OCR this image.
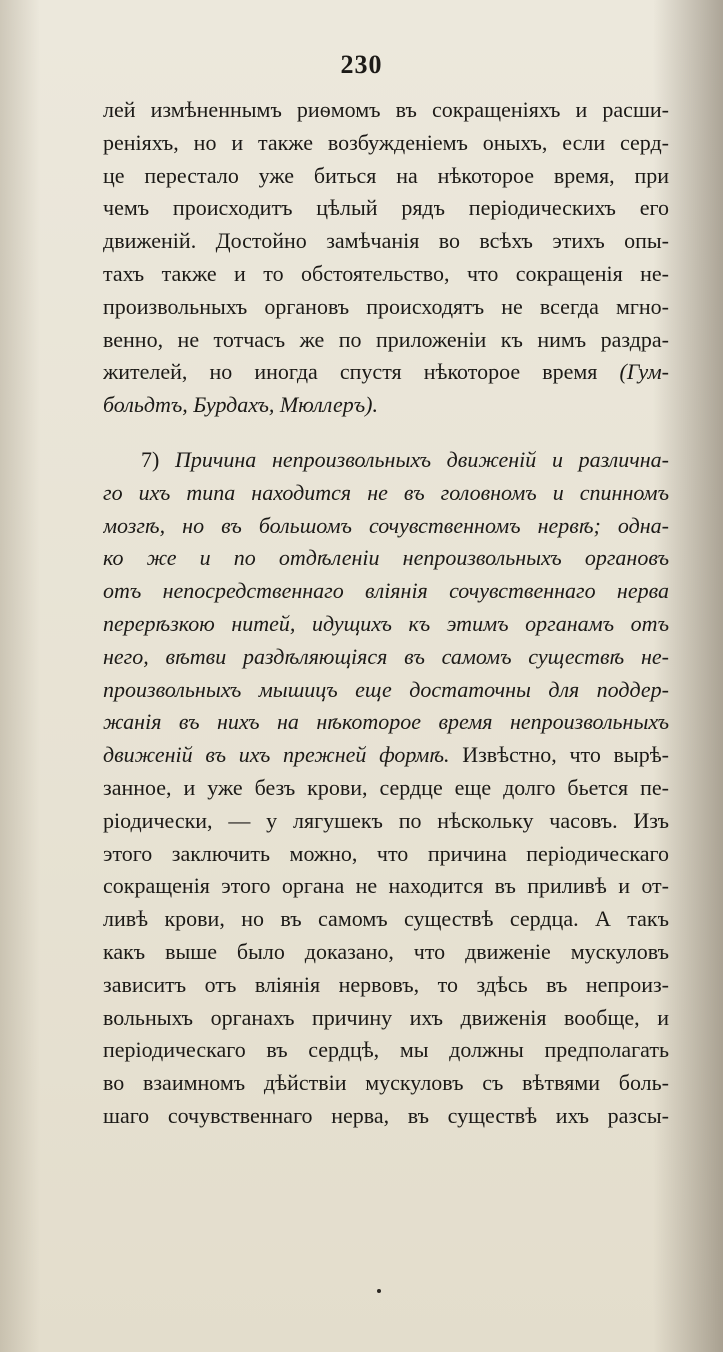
230
лей измѣненнымъ риѳмомъ въ сокращеніяхъ и расши-
реніяхъ, но и также возбужденіемъ оныхъ, если серд-
це перестало уже биться на нѣкоторое время, при
чемъ происходитъ цѣлый рядъ періодическихъ его
движеній. Достойно замѣчанія во всѣхъ этихъ опы-
тахъ также и то обстоятельство, что сокращенія не-
произвольныхъ органовъ происходятъ не всегда мгно-
венно, не тотчасъ же по приложеніи къ нимъ раздра-
жителей, но иногда спустя нѣкоторое время (Гум-
больдтъ, Бурдахъ, Мюллеръ).
7) Причина непроизвольныхъ движеній и различна-
го ихъ типа находится не въ головномъ и спинномъ
мозгѣ, но въ большомъ сочувственномъ нервѣ; одна-
ко же и по отдѣленіи непроизвольныхъ органовъ
отъ непосредственнаго вліянія сочувственнаго нерва
перерѣзкою нитей, идущихъ къ этимъ органамъ отъ
него, вѣтви раздѣляющіяся въ самомъ существѣ не-
произвольныхъ мышицъ еще достаточны для поддер-
жанія въ нихъ на нѣкоторое время непроизвольныхъ
движеній въ ихъ прежней формѣ. Извѣстно, что вырѣ-
занное, и уже безъ крови, сердце еще долго бьется пе-
ріодически, — у лягушекъ по нѣскольку часовъ. Изъ
этого заключить можно, что причина періодическаго
сокращенія этого органа не находится въ приливѣ и от-
ливѣ крови, но въ самомъ существѣ сердца. А такъ
какъ выше было доказано, что движеніе мускуловъ
зависитъ отъ вліянія нервовъ, то здѣсь въ непроиз-
вольныхъ органахъ причину ихъ движенія вообще, и
періодическаго въ сердцѣ, мы должны предполагать
во взаимномъ дѣйствіи мускуловъ съ вѣтвями боль-
шаго сочувственнаго нерва, въ существѣ ихъ разсы-
